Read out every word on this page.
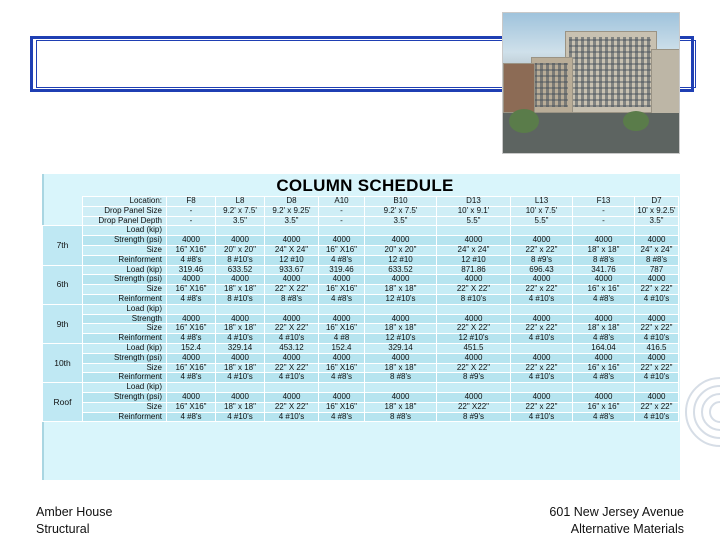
COLUMN SCHEDULE
	Location:	F8	L8	D8	A10	B10	D13	L13	F13	D7
	Drop Panel Size	-	9.2' x 7.5'	9.2' x 9.25'	-	9.2' x 7.5'	10' x 9.1'	10' x 7.5'	-	10' x 9.2.5'
	Drop Panel Depth	-	3.5"	3.5"	-	3.5"	5.5"	5.5"	-	3.5"
7th	Load (kip)									
	Strength (psi)	4000	4000	4000	4000	4000	4000	4000	4000	4000
	Size	16" X16"	20" x 20"	24" X 24"	16" X16"	20" x 20"	24" x 24"	22" x 22"	18" x 18"	24" x 24"
	Reinforment	4 #8's	8 #10's	12 #10	4 #8's	12 #10	12 #10	8 #9's	8 #8's	8 #8's
6th	Load (kip)	319.46	633.52	933.67	319.46	633.52	871.86	696.43	341.76	787
	Strength (psi)	4000	4000	4000	4000	4000	4000	4000	4000	4000
	Size	16" X16"	18" x 18"	22" X 22"	16" X16"	18" x 18"	22" X 22"	22" x 22"	16" x 16"	22" x 22"
	Reinforment	4 #8's	8 #10's	8 #8's	4 #8's	12 #10's	8 #10's	4 #10's	4 #8's	4 #10's
9th	Load (kip)									
	Strength	4000	4000	4000	4000	4000	4000	4000	4000	4000
	Size	16" X16"	18" x 18"	22" X 22"	16" X16"	18" x 18"	22" X 22"	22" x 22"	18" x 18"	22" x 22"
	Reinforment	4 #8's	4 #10's	4 #10's	4 #8	12 #10's	12 #10's	4 #10's	4 #8's	4 #10's
10th	Load (kip)	152.4	329.14	453.12	152.4	329.14	451.5		164.04	416.5
	Strength (psi)	4000	4000	4000	4000	4000	4000	4000	4000	4000
	Size	16" X16"	18" x 18"	22" X 22"	16" X16"	18" x 18"	22" X 22"	22" x 22"	16" x 16"	22" x 22"
	Reinforment	4 #8's	4 #10's	4 #10's	4 #8's	8 #8's	8 #9's	4 #10's	4 #8's	4 #10's
Roof	Load (kip)									
	Strength (psi)	4000	4000	4000	4000	4000	4000	4000	4000	4000
	Size	16" X16"	18" x 18"	22" X 22"	16" X16"	18" x 18"	22" X22"	22" x 22"	16" x 16"	22" x 22"
	Reinforment	4 #8's	4 #10's	4 #10's	4 #8's	8 #8's	8 #9's	4 #10's	4 #8's	4 #10's
Amber House
Structural
601 New Jersey Avenue
Alternative Materials
